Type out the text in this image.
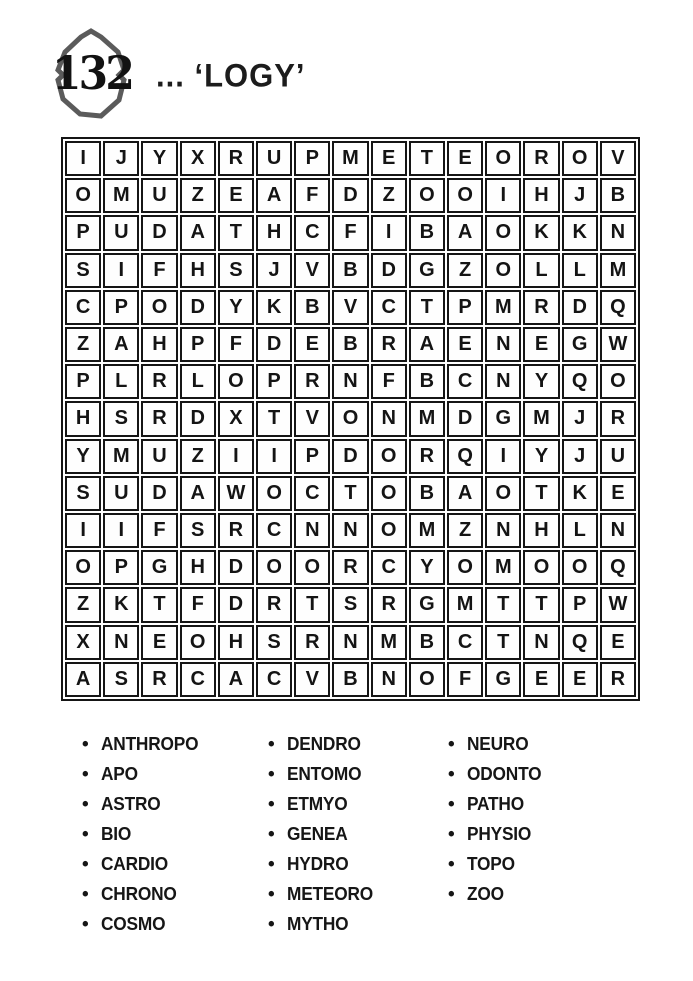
132 ... ‘LOGY’
I	J	Y	X	R	U	P	M	E	T	E	O	R	O	V
O	M	U	Z	E	A	F	D	Z	O	O	I	H	J	B
P	U	D	A	T	H	C	F	I	B	A	O	K	K	N
S	I	F	H	S	J	V	B	D	G	Z	O	L	L	M
C	P	O	D	Y	K	B	V	C	T	P	M	R	D	Q
Z	A	H	P	F	D	E	B	R	A	E	N	E	G	W
P	L	R	L	O	P	R	N	F	B	C	N	Y	Q	O
H	S	R	D	X	T	V	O	N	M	D	G	M	J	R
Y	M	U	Z	I	I	P	D	O	R	Q	I	Y	J	U
S	U	D	A	W	O	C	T	O	B	A	O	T	K	E
I	I	F	S	R	C	N	N	O	M	Z	N	H	L	N
O	P	G	H	D	O	O	R	C	Y	O	M	O	O	Q
Z	K	T	F	D	R	T	S	R	G	M	T	T	P	W
X	N	E	O	H	S	R	N	M	B	C	T	N	Q	E
A	S	R	C	A	C	V	B	N	O	F	G	E	E	R
• ANTHROPO
• APO
• ASTRO
• BIO
• CARDIO
• CHRONO
• COSMO
• DENDRO
• ENTOMO
• ETMYO
• GENEA
• HYDRO
• METEORO
• MYTHO
• NEURO
• ODONTO
• PATHO
• PHYSIO
• TOPO
• ZOO
